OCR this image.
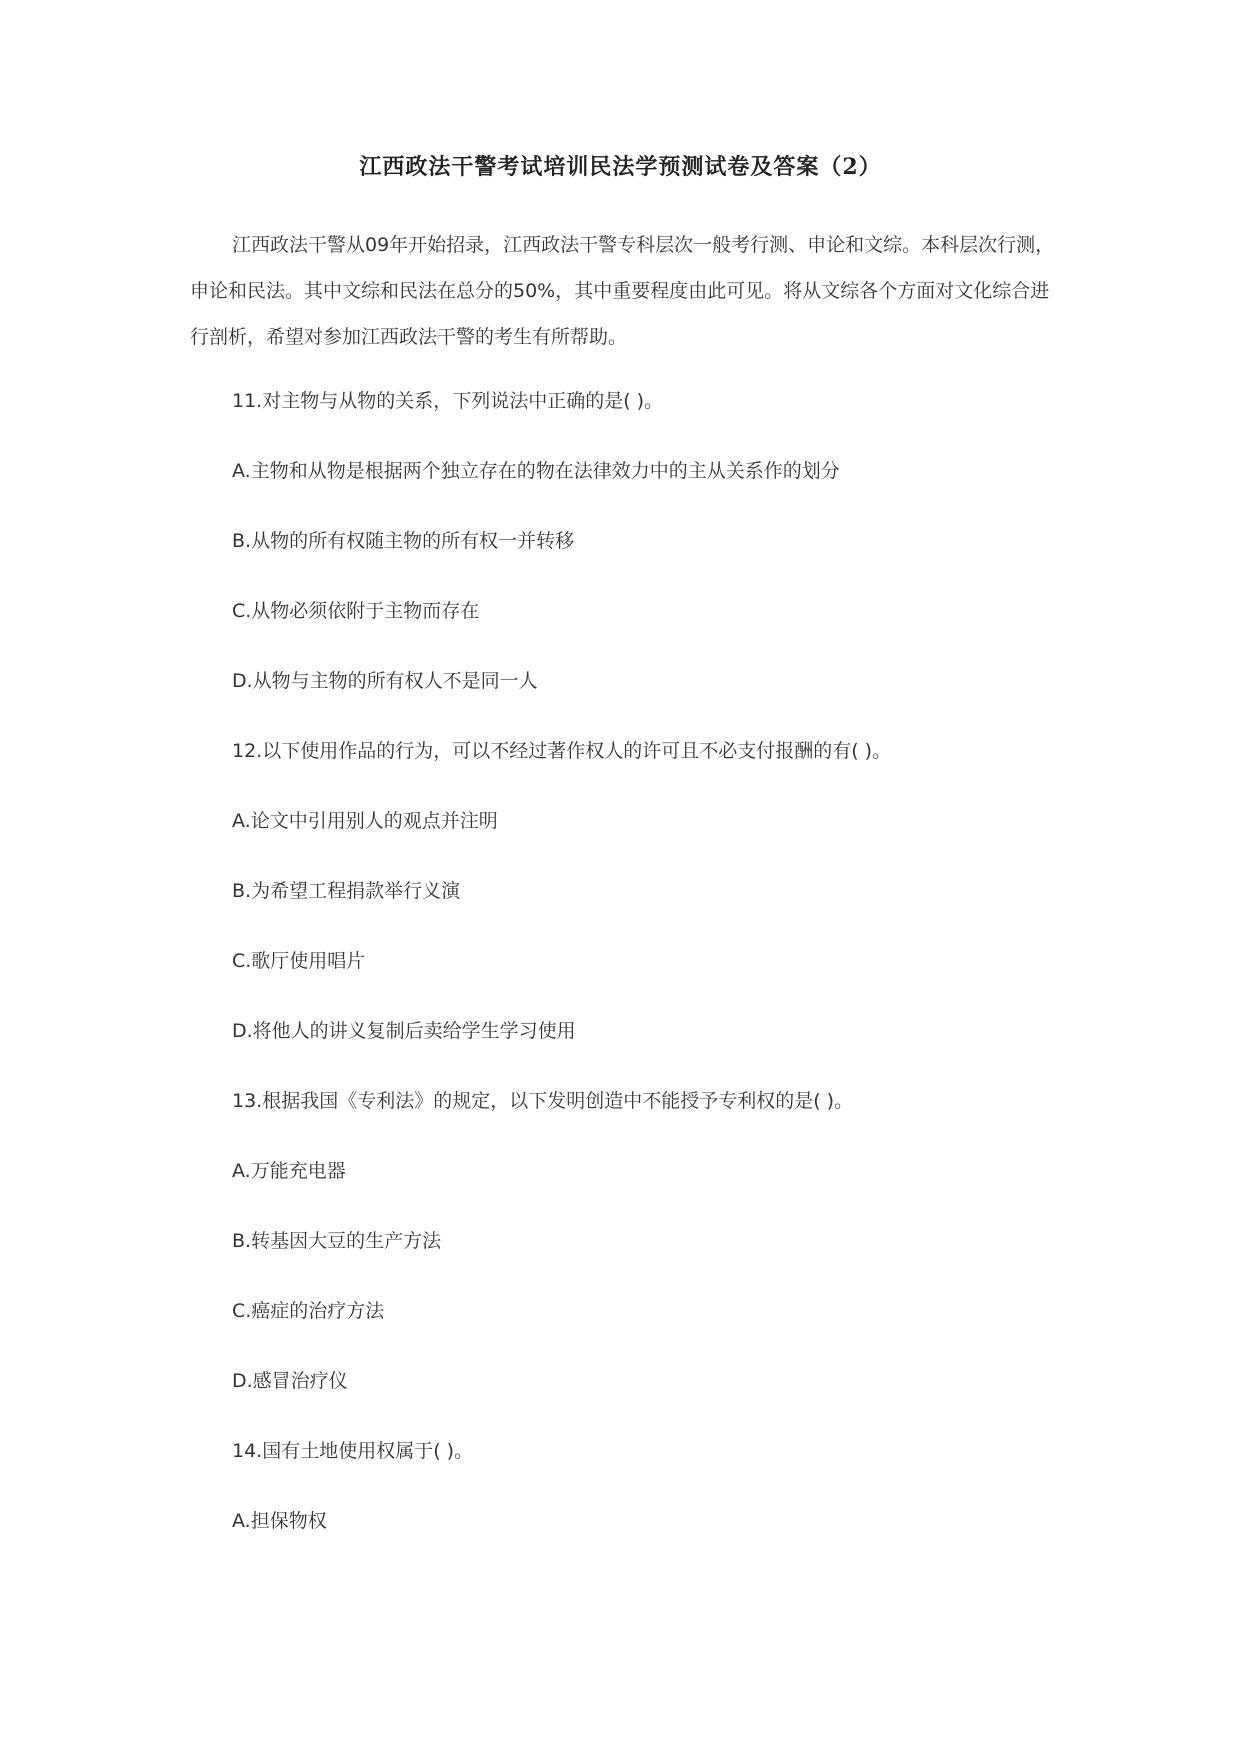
江西政法干警考试培训民法学预测试卷及答案（2）

江西政法干警从09年开始招录，江西政法干警专科层次一般考行测、申论和文综。本科层次行测，申论和民法。其中文综和民法在总分的50%，其中重要程度由此可见。将从文综各个方面对文化综合进行剖析，希望对参加江西政法干警的考生有所帮助。

11.对主物与从物的关系，下列说法中正确的是( )。

A.主物和从物是根据两个独立存在的物在法律效力中的主从关系作的划分

B.从物的所有权随主物的所有权一并转移

C.从物必须依附于主物而存在

D.从物与主物的所有权人不是同一人

12.以下使用作品的行为，可以不经过著作权人的许可且不必支付报酬的有( )。

A.论文中引用别人的观点并注明

B.为希望工程捐款举行义演

C.歌厅使用唱片

D.将他人的讲义复制后卖给学生学习使用

13.根据我国《专利法》的规定，以下发明创造中不能授予专利权的是( )。

A.万能充电器

B.转基因大豆的生产方法

C.癌症的治疗方法

D.感冒治疗仪

14.国有土地使用权属于( )。

A.担保物权
